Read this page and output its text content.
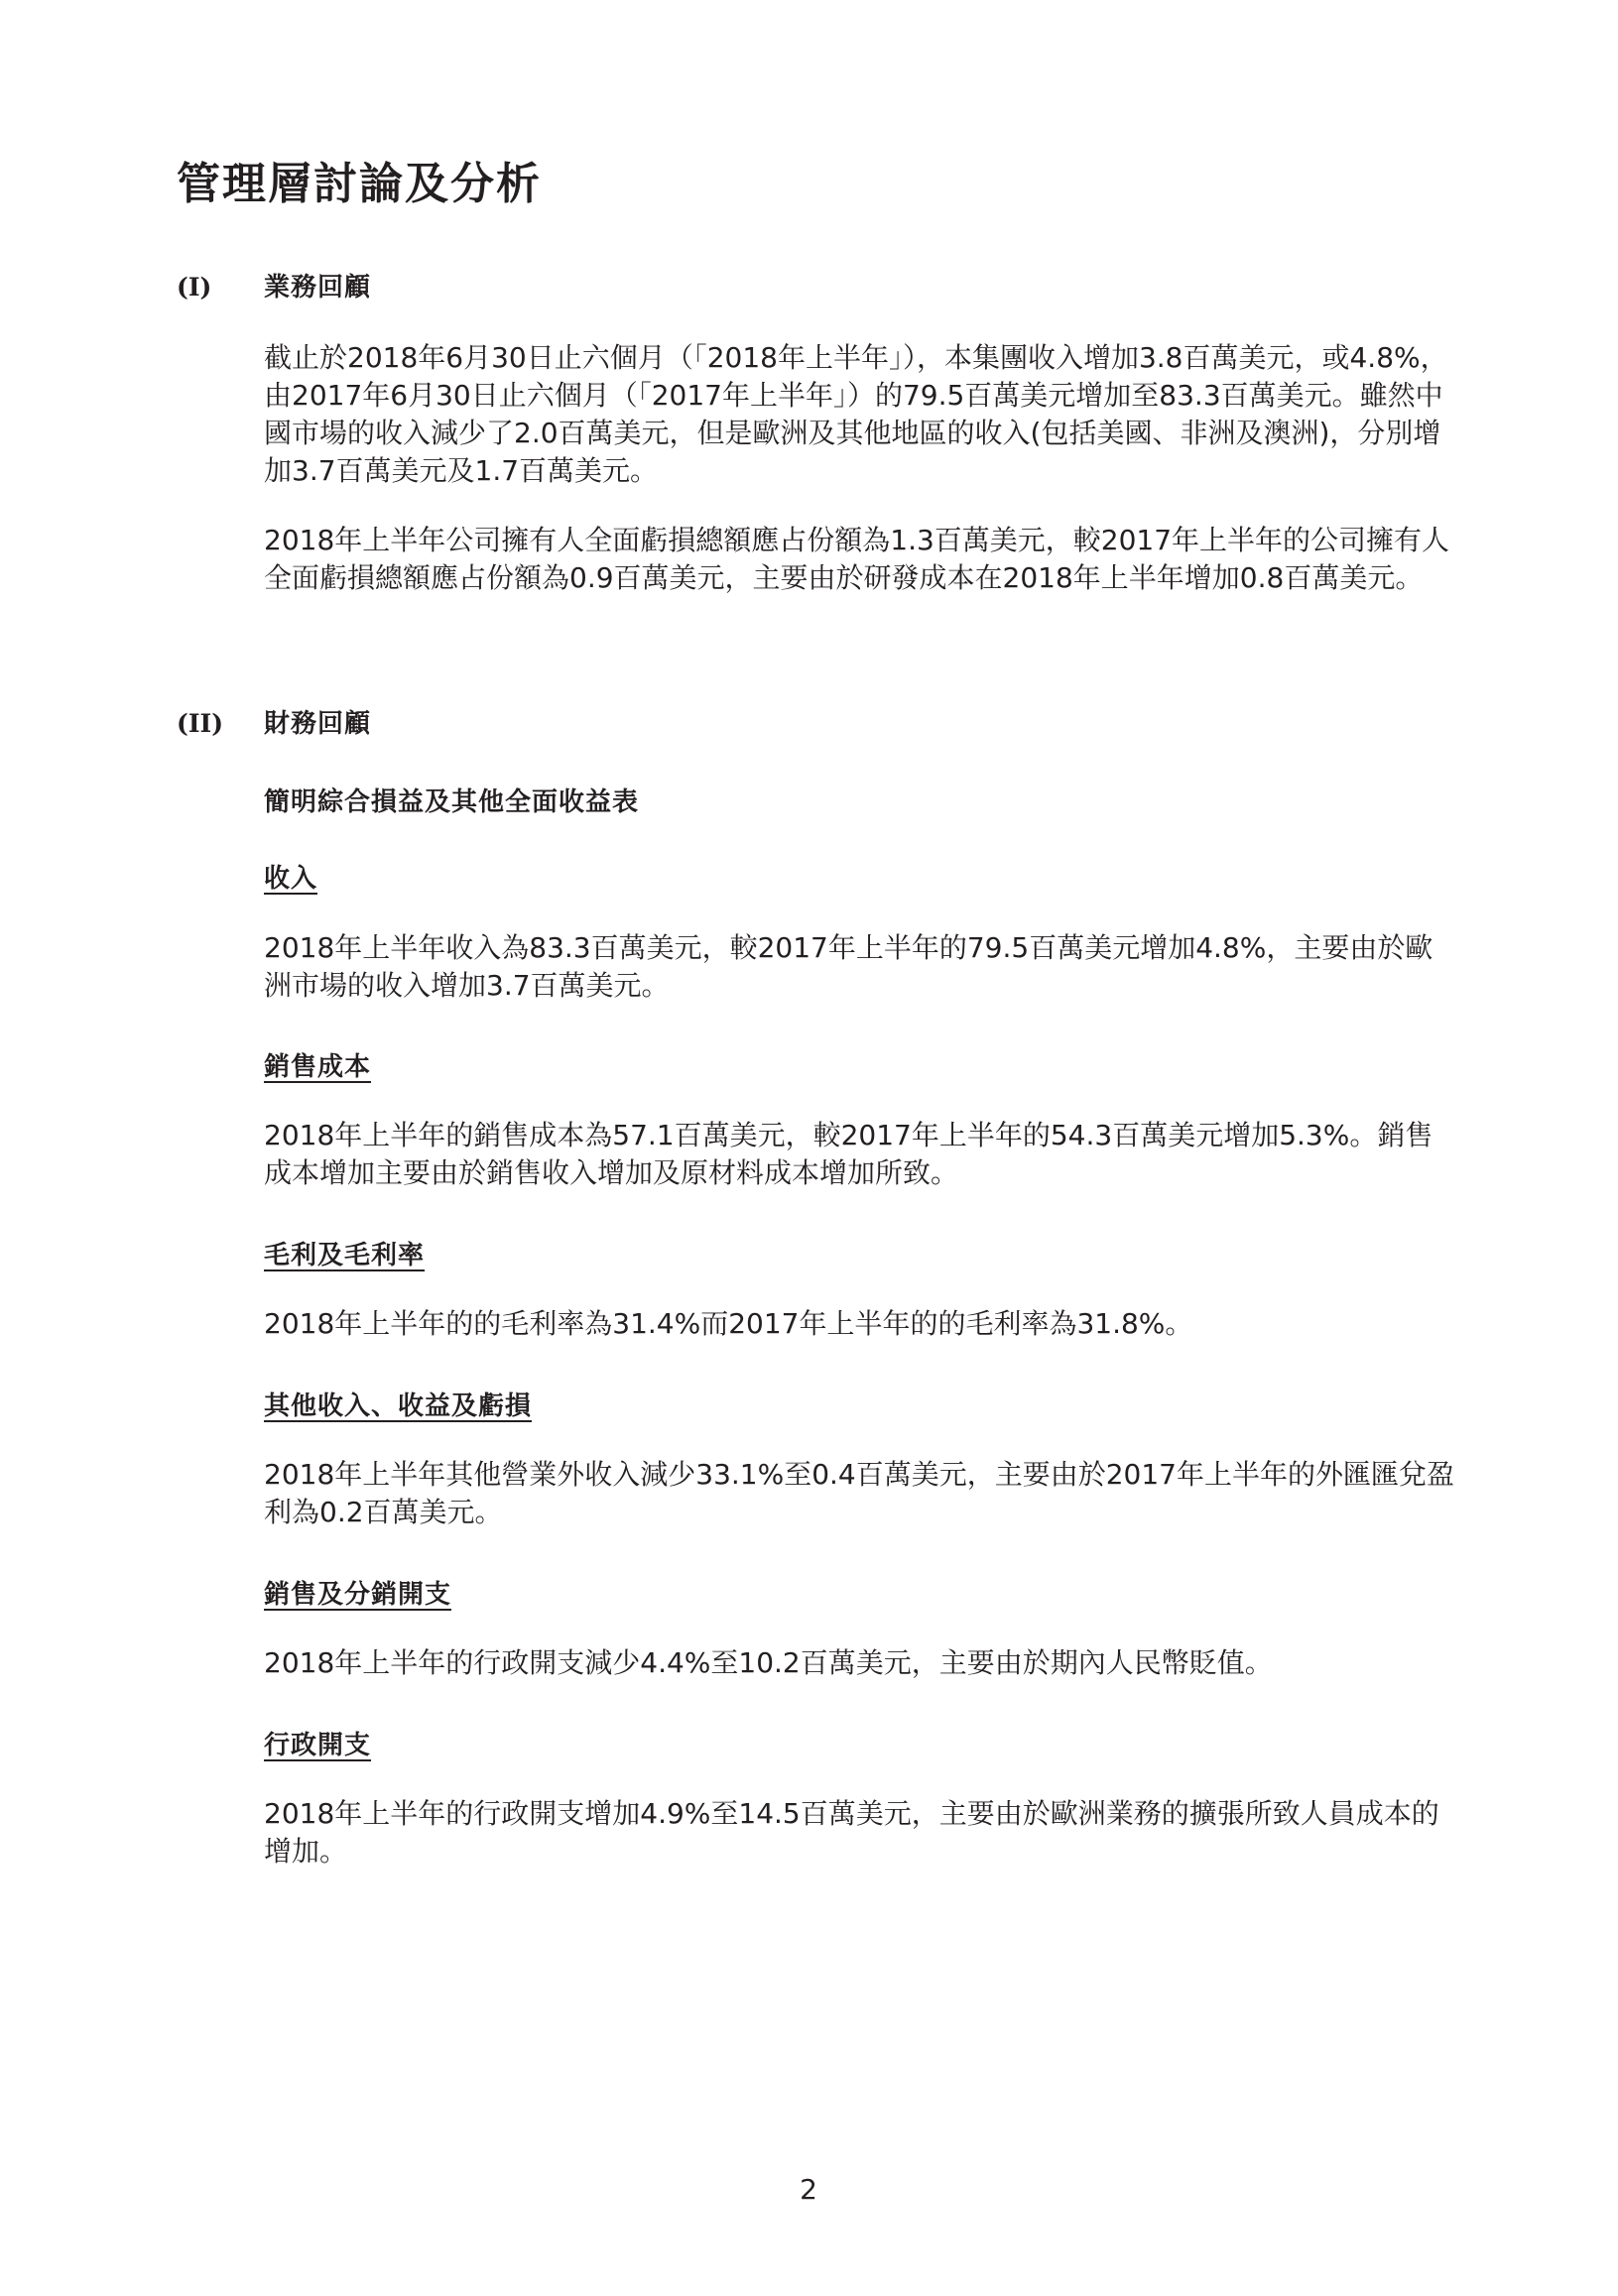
管理層討論及分析
(I) 業務回顧

截止於2018年6月30日止六個月（「2018年上半年」），本集團收入增加3.8百萬美元，或4.8%，由2017年6月30日止六個月（「2017年上半年」）的79.5百萬美元增加至83.3百萬美元。雖然中國市場的收入減少了2.0百萬美元，但是歐洲及其他地區的收入(包括美國、非洲及澳洲)，分別增加3.7百萬美元及1.7百萬美元。

2018年上半年公司擁有人全面虧損總額應占份額為1.3百萬美元，較2017年上半年的公司擁有人全面虧損總額應占份額為0.9百萬美元，主要由於研發成本在2018年上半年增加0.8百萬美元。

(II) 財務回顧

簡明綜合損益及其他全面收益表

收入

2018年上半年收入為83.3百萬美元，較2017年上半年的79.5百萬美元增加4.8%，主要由於歐洲市場的收入增加3.7百萬美元。

銷售成本

2018年上半年的銷售成本為57.1百萬美元，較2017年上半年的54.3百萬美元增加5.3%。銷售成本增加主要由於銷售收入增加及原材料成本增加所致。

毛利及毛利率

2018年上半年的的毛利率為31.4%而2017年上半年的的毛利率為31.8%。

其他收入、收益及虧損

2018年上半年其他營業外收入減少33.1%至0.4百萬美元，主要由於2017年上半年的外匯匯兌盈利為0.2百萬美元。

銷售及分銷開支

2018年上半年的行政開支減少4.4%至10.2百萬美元，主要由於期內人民幣貶值。

行政開支

2018年上半年的行政開支增加4.9%至14.5百萬美元，主要由於歐洲業務的擴張所致人員成本的增加。

2
